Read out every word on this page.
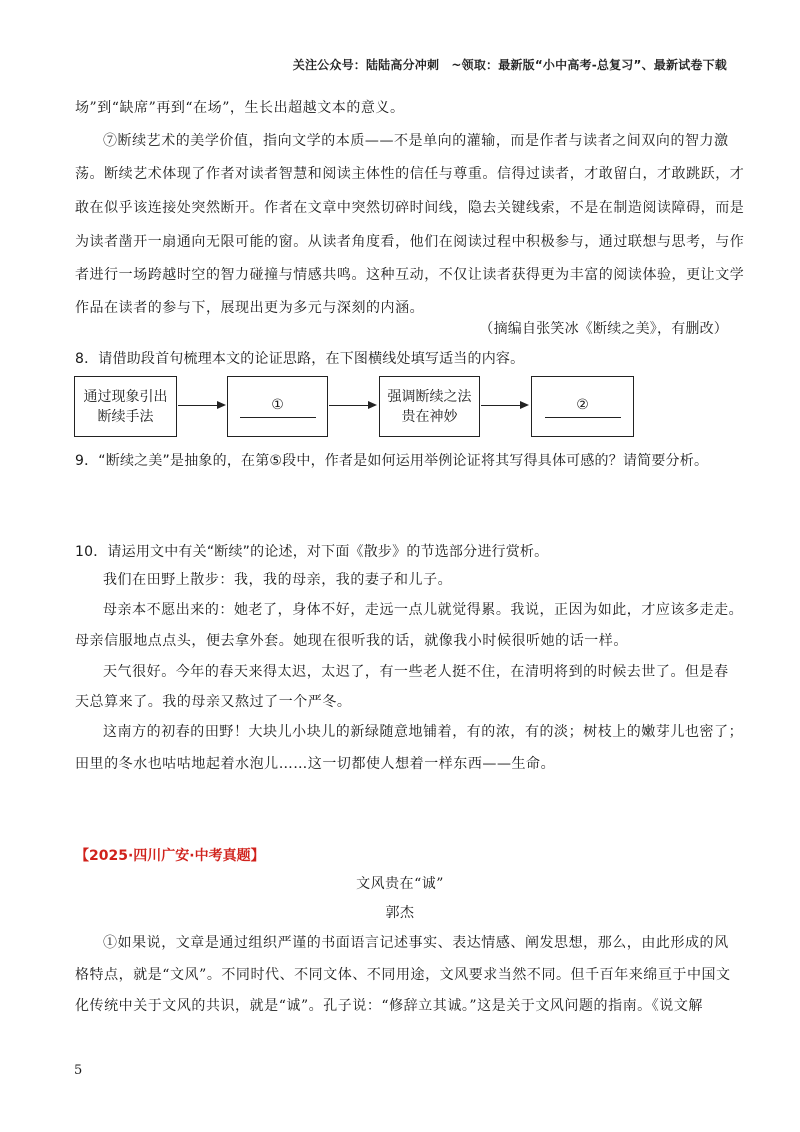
关注公众号：陆陆高分冲刺　~领取：最新版“小中高考-总复习”、最新试卷下载
场”到“缺席”再到“在场”，生长出超越文本的意义。
⑦断续艺术的美学价值，指向文学的本质——不是单向的灌输，而是作者与读者之间双向的智力激
荡。断续艺术体现了作者对读者智慧和阅读主体性的信任与尊重。信得过读者，才敢留白，才敢跳跃，才
敢在似乎该连接处突然断开。作者在文章中突然切碎时间线，隐去关键线索，不是在制造阅读障碍，而是
为读者凿开一扇通向无限可能的窗。从读者角度看，他们在阅读过程中积极参与，通过联想与思考，与作
者进行一场跨越时空的智力碰撞与情感共鸣。这种互动，不仅让读者获得更为丰富的阅读体验，更让文学
作品在读者的参与下，展现出更为多元与深刻的内涵。
（摘编自张笑冰《断续之美》，有删改）
8．请借助段首句梳理本文的论证思路，在下图横线处填写适当的内容。
通过现象引出
断续手法
①
强调断续之法
贵在神妙
②
9．“断续之美”是抽象的，在第⑤段中，作者是如何运用举例论证将其写得具体可感的？请简要分析。
10．请运用文中有关“断续”的论述，对下面《散步》的节选部分进行赏析。
我们在田野上散步：我，我的母亲，我的妻子和儿子。
母亲本不愿出来的：她老了，身体不好，走远一点儿就觉得累。我说，正因为如此，才应该多走走。
母亲信服地点点头，便去拿外套。她现在很听我的话，就像我小时候很听她的话一样。
天气很好。今年的春天来得太迟，太迟了，有一些老人挺不住，在清明将到的时候去世了。但是春
天总算来了。我的母亲又熬过了一个严冬。
这南方的初春的田野！大块儿小块儿的新绿随意地铺着，有的浓，有的淡；树枝上的嫩芽儿也密了；
田里的冬水也咕咕地起着水泡儿……这一切都使人想着一样东西——生命。
【2025·四川广安·中考真题】
文风贵在“诚”
郭杰
①如果说，文章是通过组织严谨的书面语言记述事实、表达情感、阐发思想，那么，由此形成的风
格特点，就是“文风”。不同时代、不同文体、不同用途，文风要求当然不同。但千百年来绵亘于中国文
化传统中关于文风的共识，就是“诚”。孔子说：“修辞立其诚。”这是关于文风问题的指南。《说文解
5
